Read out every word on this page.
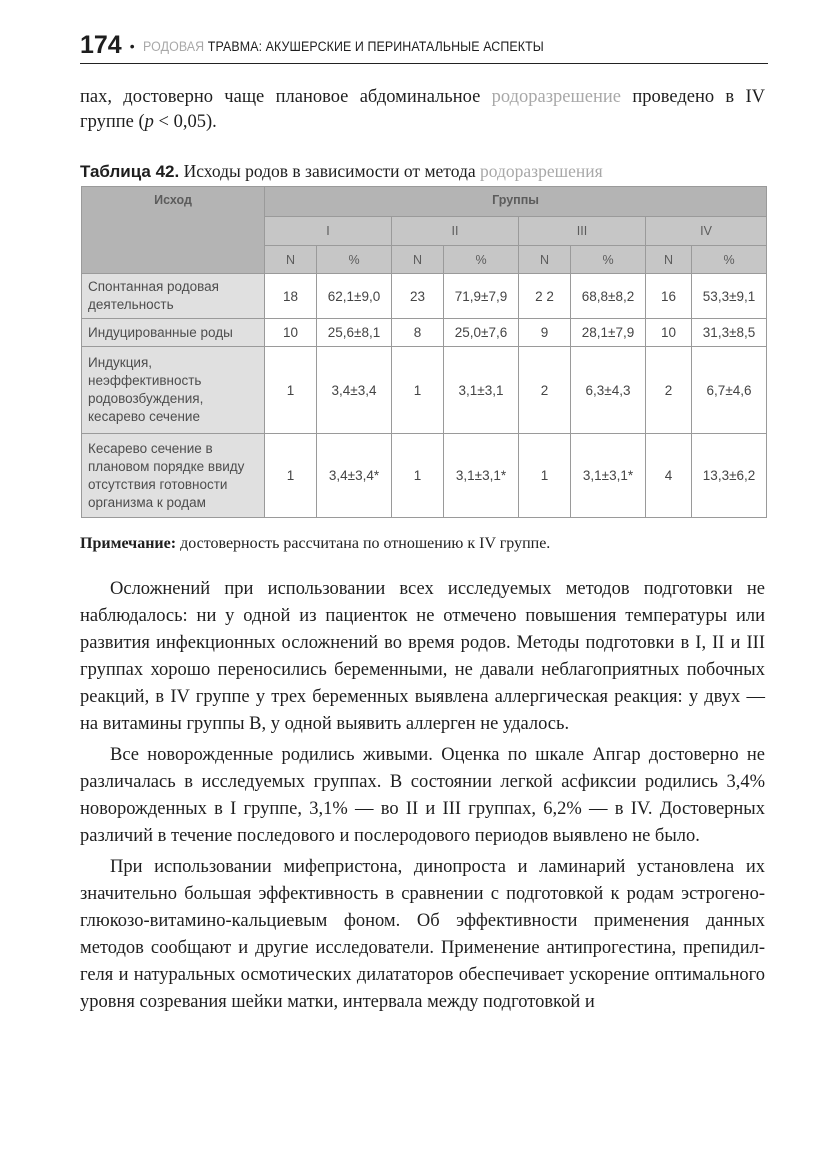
174 • РОДОВАЯ ТРАВМА: АКУШЕРСКИЕ И ПЕРИНАТАЛЬНЫЕ АСПЕКТЫ

пах, достоверно чаще плановое абдоминальное родоразрешение проведено в IV группе (p < 0,05).

Таблица 42. Исходы родов в зависимости от метода родоразрешения
Исход	Группы							
	I		II		III		IV	
	N	%	N	%	N	%	N	%
Спонтанная родовая деятельность	18	62,1±9,0	23	71,9±7,9	2 2	68,8±8,2	16	53,3±9,1
Индуцированные роды	10	25,6±8,1	8	25,0±7,6	9	28,1±7,9	10	31,3±8,5
Индукция, неэффективность родовозбуждения, кесарево сечение	1	3,4±3,4	1	3,1±3,1	2	6,3±4,3	2	6,7±4,6
Кесарево сечение в плановом порядке ввиду отсутствия готовности организма к родам	1	3,4±3,4*	1	3,1±3,1*	1	3,1±3,1*	4	13,3±6,2
Примечание: достоверность рассчитана по отношению к IV группе.

Осложнений при использовании всех исследуемых методов подготовки не наблюдалось: ни у одной из пациенток не отмечено повышения температуры или развития инфекционных осложнений во время родов. Методы подготовки в I, II и III группах хорошо переносились беременными, не давали неблагоприятных побочных реакций, в IV группе у трех беременных выявлена аллергическая реакция: у двух — на витамины группы B, у одной выявить аллерген не удалось.

Все новорожденные родились живыми. Оценка по шкале Апгар достоверно не различалась в исследуемых группах. В состоянии легкой асфиксии родились 3,4% новорожденных в I группе, 3,1% — во II и III группах, 6,2% — в IV. Достоверных различий в течение последового и послеродового периодов выявлено не было.

При использовании мифепристона, динопроста и ламинарий установлена их значительно большая эффективность в сравнении с подготовкой к родам эстрогено-глюкозо-витамино-кальциевым фоном. Об эффективности применения данных методов сообщают и другие исследователи. Применение антипрогестина, препидил-геля и натуральных осмотических дилататоров обеспечивает ускорение оптимального уровня созревания шейки матки, интервала между подготовкой и
